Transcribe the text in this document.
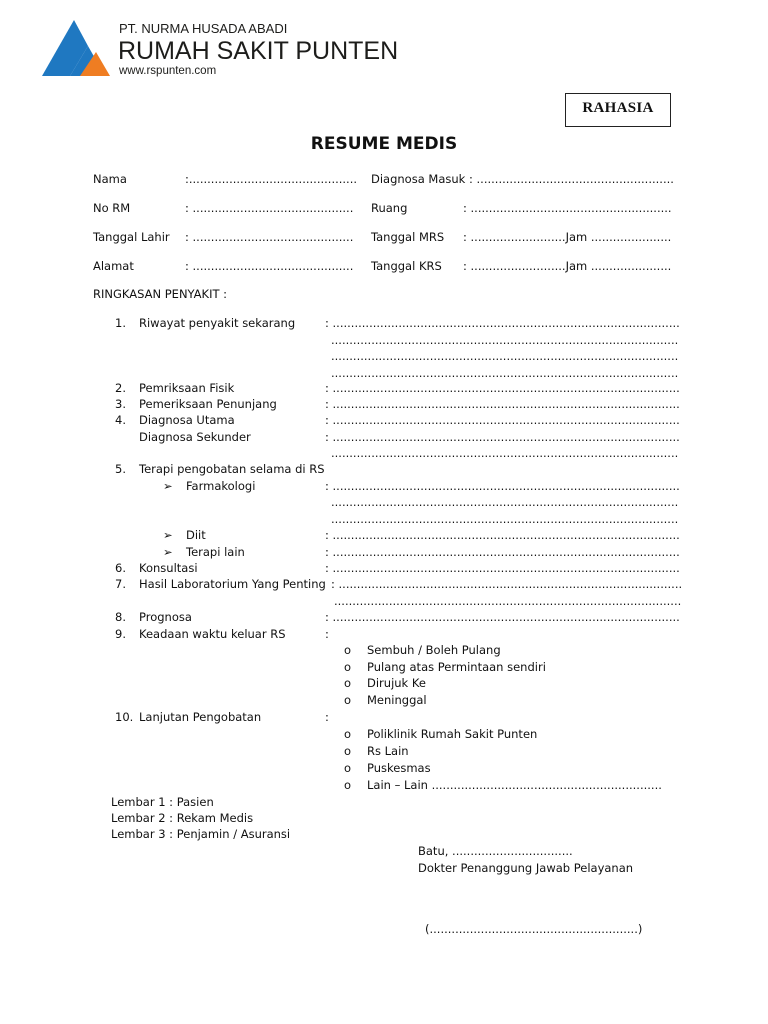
PT. NURMA HUSADA ABADI
RUMAH SAKIT PUNTEN
www.rspunten.com
RAHASIA
RESUME MEDIS
Nama	:.............................................. Diagnosa Masuk : ......................................................
No RM	: ............................................ Ruang	: .......................................................
Tanggal Lahir : ............................................ Tanggal MRS : ..........................Jam ......................
Alamat	: ............................................ Tanggal KRS : ..........................Jam ......................
RINGKASAN PENYAKIT :
1. Riwayat penyakit sekarang	: ...............................................................................................
...............................................................................................
...............................................................................................
...............................................................................................
2. Pemriksaan Fisik	: ...............................................................................................
3. Pemeriksaan Penunjang	: ...............................................................................................
4. Diagnosa Utama	: ...............................................................................................
Diagnosa Sekunder	: ...............................................................................................
...............................................................................................
5. Terapi pengobatan selama di RS
➢ Farmakologi	: ...............................................................................................
...............................................................................................
...............................................................................................
➢ Diit	: ...............................................................................................
➢ Terapi lain	: ...............................................................................................
6. Konsultasi	: ...............................................................................................
7. Hasil Laboratorium Yang Penting : ..............................................................................................
...............................................................................................
8. Prognosa	: ...............................................................................................
9. Keadaan waktu keluar RS	:
o Sembuh / Boleh Pulang
o Pulang atas Permintaan sendiri
o Dirujuk Ke
o Meninggal
10. Lanjutan Pengobatan	:
o Poliklinik Rumah Sakit Punten
o Rs Lain
o Puskesmas
o Lain – Lain ...............................................................
Lembar 1 : Pasien
Lembar 2 : Rekam Medis
Lembar 3 : Penjamin / Asuransi
Batu, .................................
Dokter Penanggung Jawab Pelayanan
(.........................................................)
